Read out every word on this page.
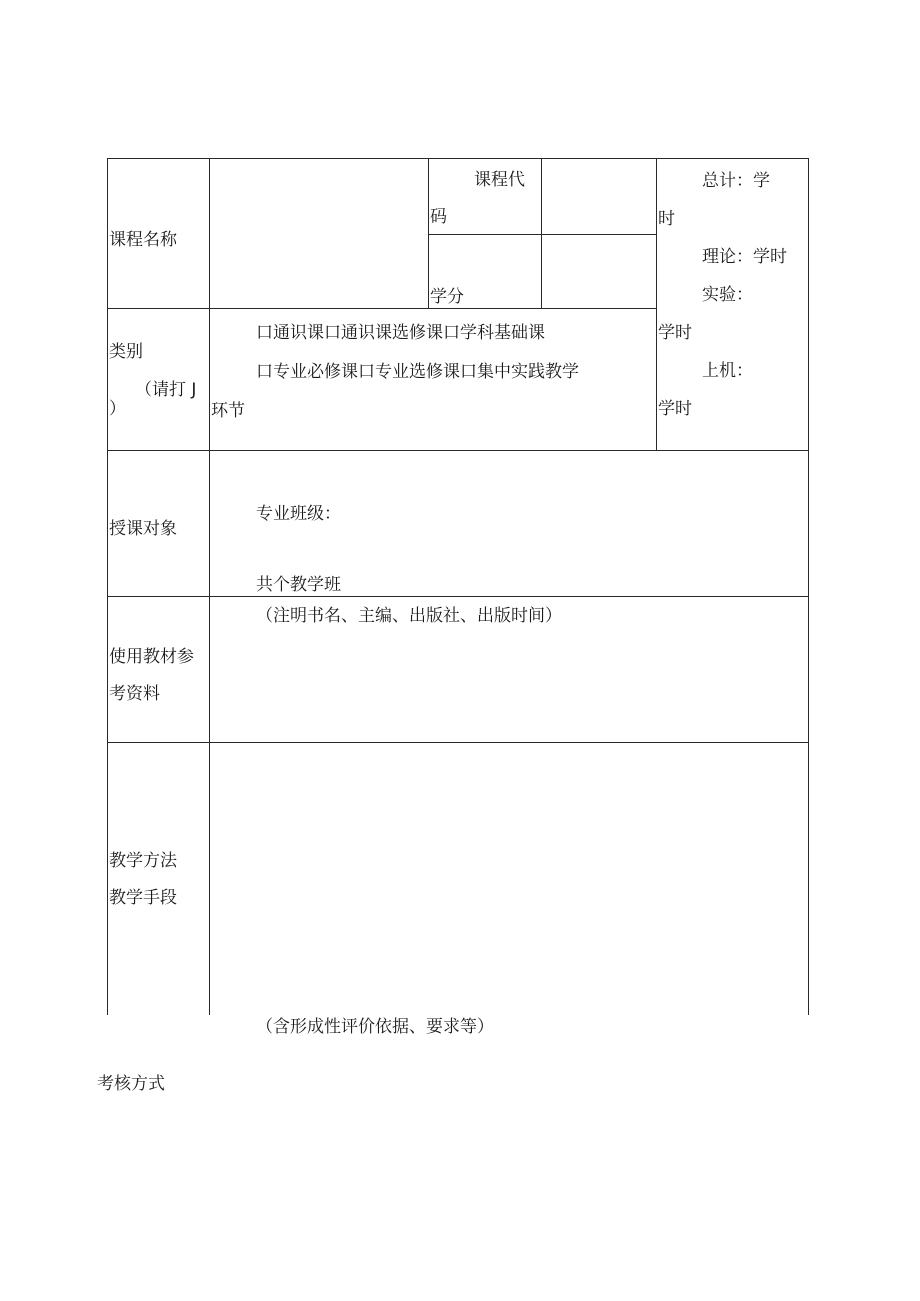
课程名称
课程代
码
学分
总计：学
时
理论：学时
实验：
学时
上机：
学时
类别
（请打 J
）
口通识课口通识课选修课口学科基础课
口专业必修课口专业选修课口集中实践教学
环节
授课对象
专业班级：
共个教学班
使用教材参
考资料
（注明书名、主编、出版社、出版时间）
教学方法
教学手段
（含形成性评价依据、要求等）
考核方式
